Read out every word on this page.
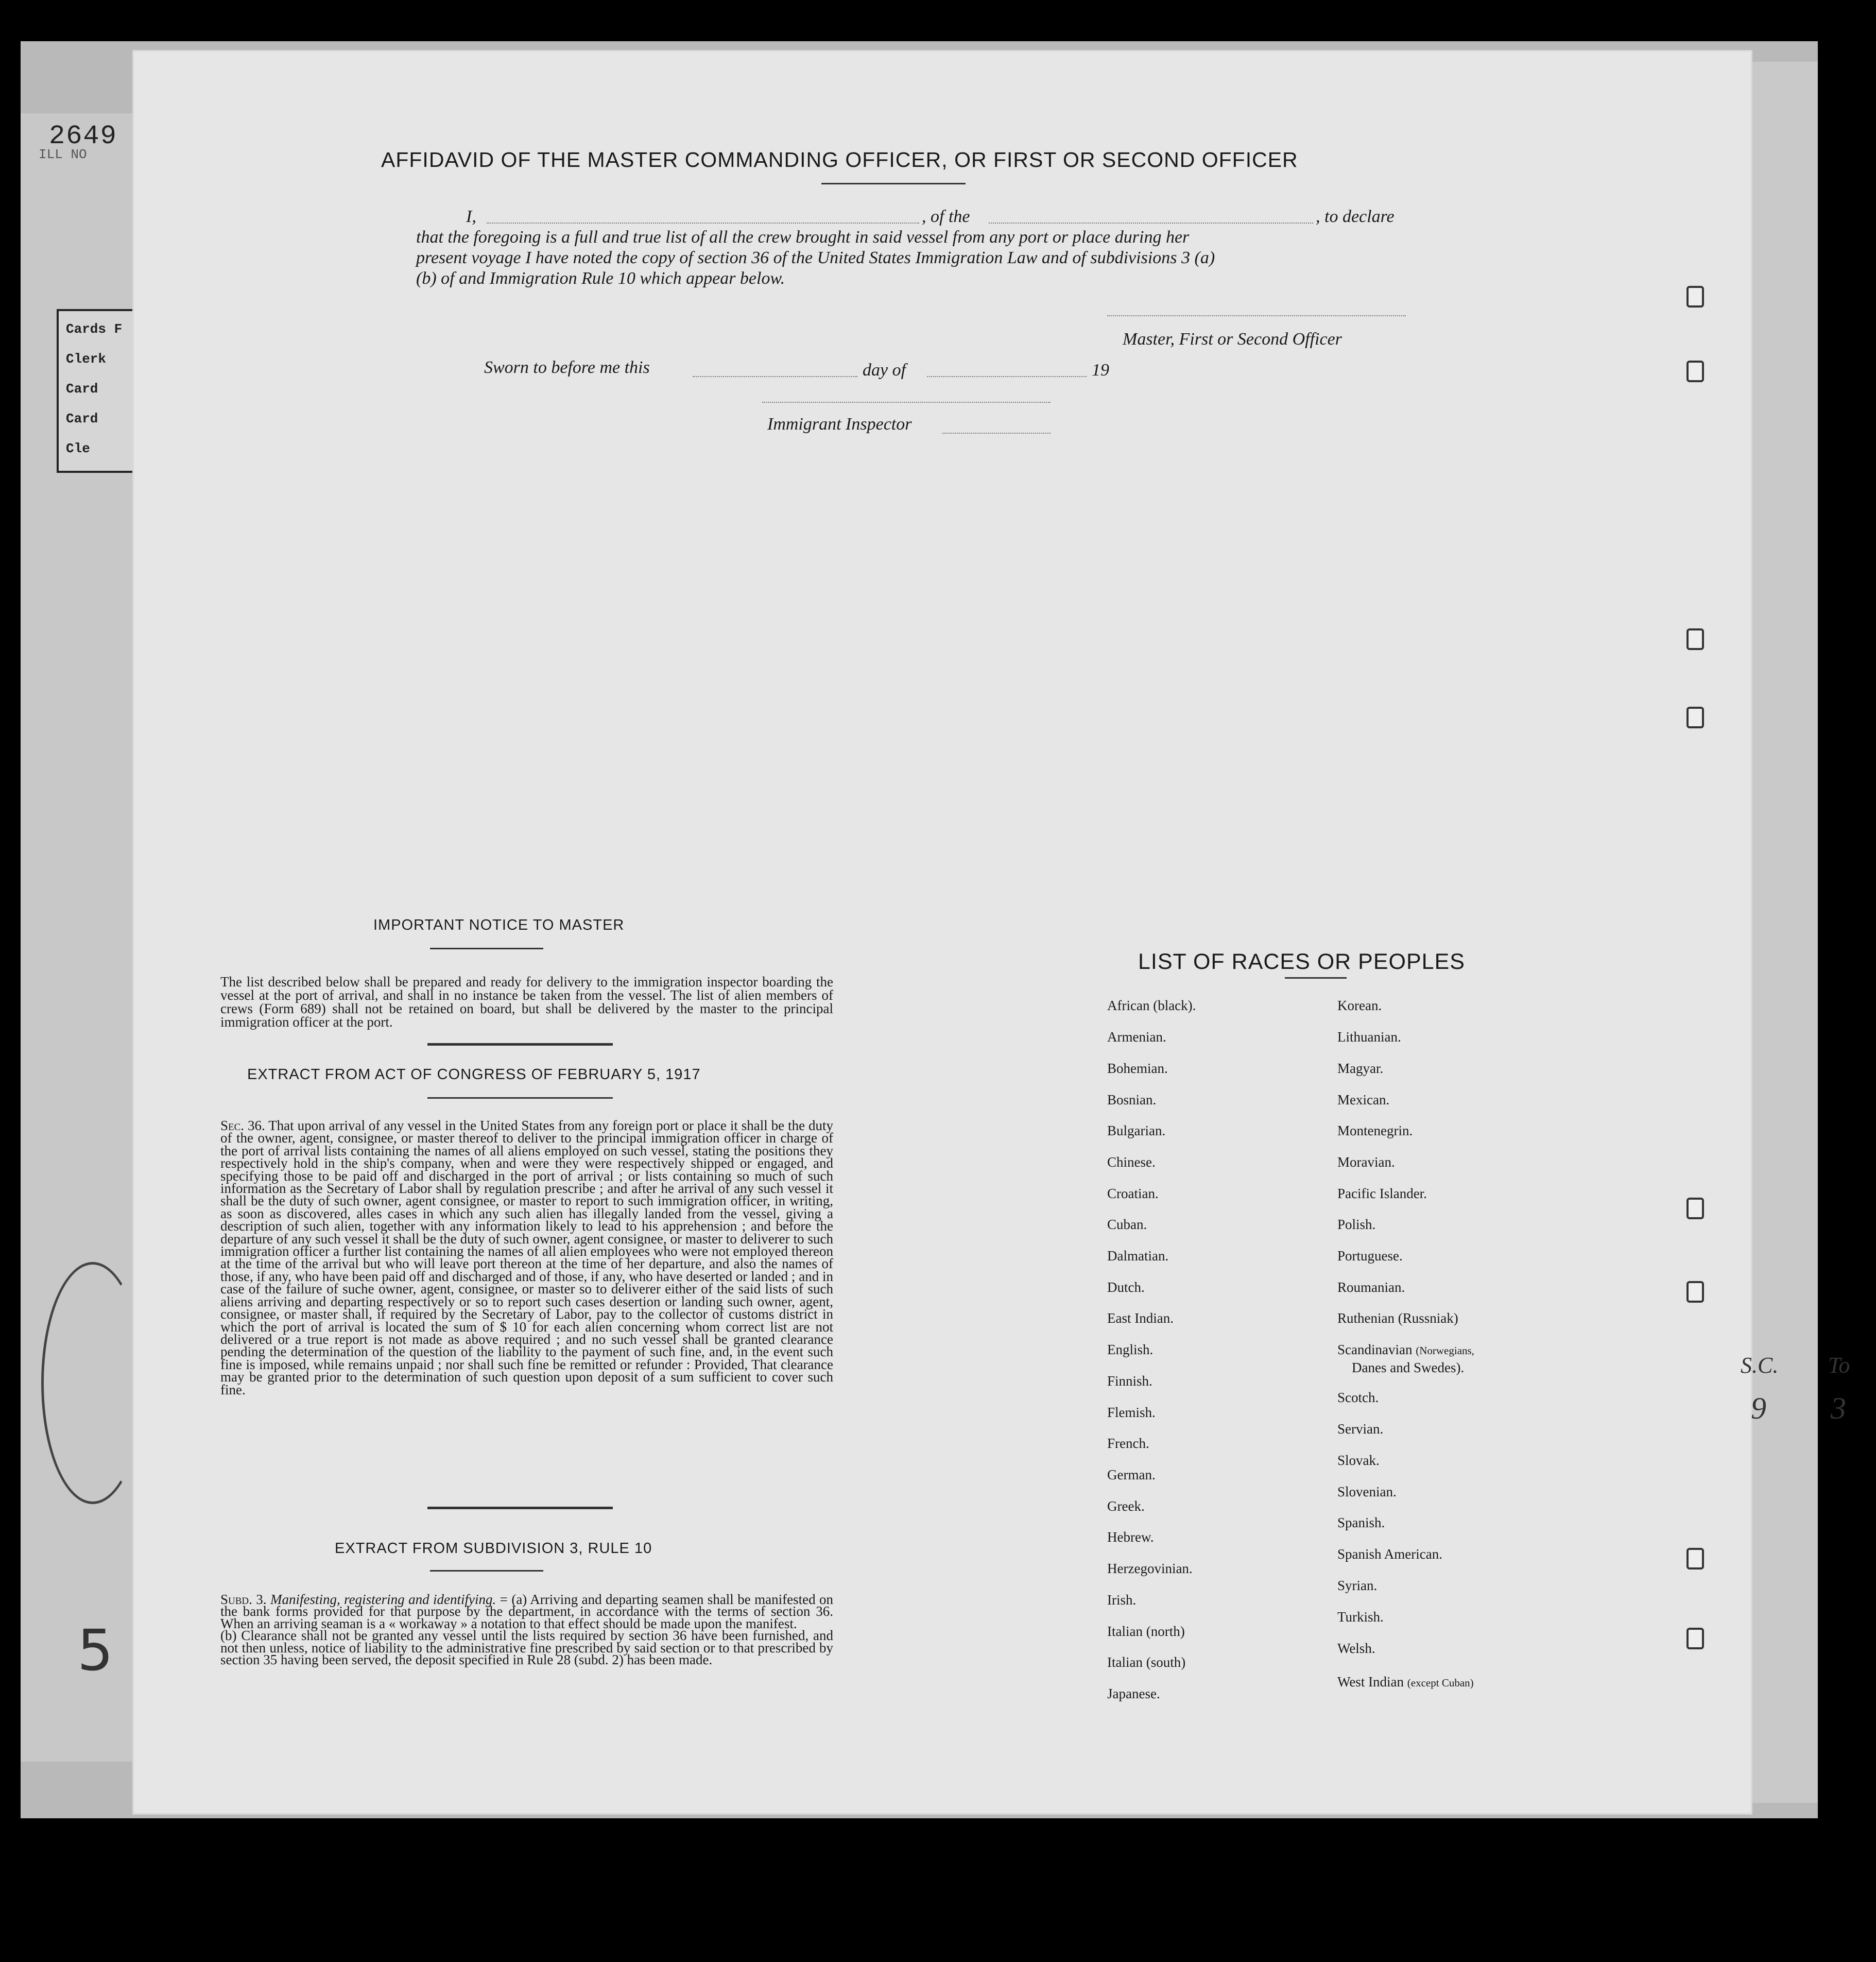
2649
ILL NO
Cards F
Clerk
Card
Card
Cle
5
S.C. To
9 3
AFFIDAVID OF THE MASTER COMMANDING OFFICER, OR FIRST OR SECOND OFFICER
I,	, of the	, to declare
that the foregoing is a full and true list of all the crew brought in said vessel from any port or place during her
present voyage I have noted the copy of section 36 of the United States Immigration Law and of subdivisions 3 (a)
(b) of and Immigration Rule 10 which appear below.
Master, First or Second Officer
Sworn to before me this	day of	19
Immigrant Inspector
IMPORTANT NOTICE TO MASTER
The list described below shall be prepared and ready for delivery to the immigration inspector boarding the vessel at the port of arrival, and shall in no instance be taken from the vessel. The list of alien members of crews (Form 689) shall not be retained on board, but shall be delivered by the master to the principal immigration officer at the port.
EXTRACT FROM ACT OF CONGRESS OF FEBRUARY 5, 1917
Sec. 36. That upon arrival of any vessel in the United States from any foreign port or place it shall be the duty of the owner, agent, consignee, or master thereof to deliver to the principal immigration officer in charge of the port of arrival lists containing the names of all aliens employed on such vessel, stating the positions they respectively hold in the ship's company, when and were they were respectively shipped or engaged, and specifying those to be paid off and discharged in the port of arrival ; or lists containing so much of such information as the Secretary of Labor shall by regulation prescribe ; and after he arrival of any such vessel it shall be the duty of such owner, agent consignee, or master to report to such immigration officer, in writing, as soon as discovered, alles cases in which any such alien has illegally landed from the vessel, giving a description of such alien, together with any information likely to lead to his apprehension ; and before the departure of any such vessel it shall be the duty of such owner, agent consignee, or master to deliverer to such immigration officer a further list containing the names of all alien employees who were not employed thereon at the time of the arrival but who will leave port thereon at the time of her departure, and also the names of those, if any, who have been paid off and discharged and of those, if any, who have deserted or landed ; and in case of the failure of suche owner, agent, consignee, or master so to deliverer either of the said lists of such aliens arriving and departing respectively or so to report such cases desertion or landing such owner, agent, consignee, or master shall, if required by the Secretary of Labor, pay to the collector of customs district in which the port of arrival is located the sum of $ 10 for each alien concerning whom correct list are not delivered or a true report is not made as above required ; and no such vessel shall be granted clearance pending the determination of the question of the liability to the payment of such fine, and, in the event such fine is imposed, while remains unpaid ; nor shall such fine be remitted or refunder : Provided, That clearance may be granted prior to the determination of such question upon deposit of a sum sufficient to cover such fine.
EXTRACT FROM SUBDIVISION 3, RULE 10
Subd. 3. Manifesting, registering and identifying. = (a) Arriving and departing seamen shall be manifested on the bank forms provided for that purpose by the department, in accordance with the terms of section 36. When an arriving seaman is a « workaway » a notation to that effect should be made upon the manifest.
(b) Clearance shall not be granted any vessel until the lists required by section 36 have been furnished, and not then unless, notice of liability to the administrative fine prescribed by said section or to that prescribed by section 35 having been served, the deposit specified in Rule 28 (subd. 2) has been made.
LIST OF RACES OR PEOPLES
African (black).
Armenian.
Bohemian.
Bosnian.
Bulgarian.
Chinese.
Croatian.
Cuban.
Dalmatian.
Dutch.
East Indian.
English.
Finnish.
Flemish.
French.
German.
Greek.
Hebrew.
Herzegovinian.
Irish.
Italian (north)
Italian (south)
Japanese.
Korean.
Lithuanian.
Magyar.
Mexican.
Montenegrin.
Moravian.
Pacific Islander.
Polish.
Portuguese.
Roumanian.
Ruthenian (Russniak)
Scandinavian (Norwegians,
Danes and Swedes).
Scotch.
Servian.
Slovak.
Slovenian.
Spanish.
Spanish American.
Syrian.
Turkish.
Welsh.
West Indian (except Cuban)
